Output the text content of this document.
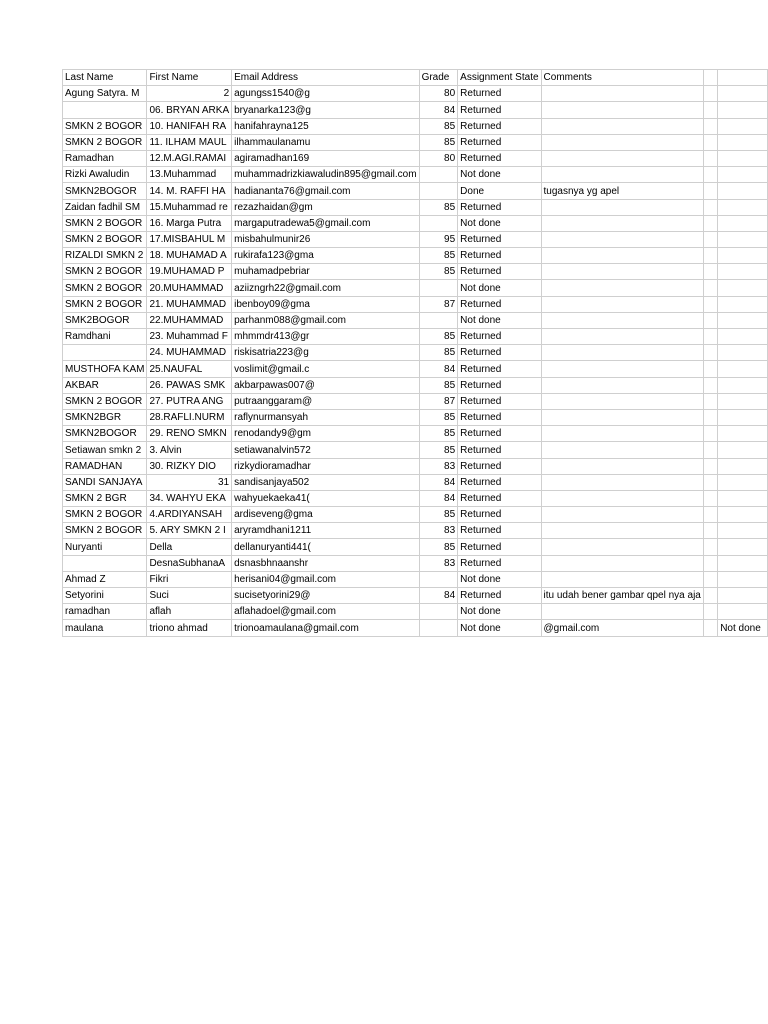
Last Name	First Name	Email Address	Grade	Assignment State	Comments		
Agung Satyra. M	2	agungss1540@g	80	Returned			
	06. BRYAN ARKA	bryanarka123@g	84	Returned			
SMKN 2 BOGOR	10. HANIFAH RA	hanifahrayna125	85	Returned			
SMKN 2 BOGOR	11. ILHAM MAUL	ilhammaulanamu	85	Returned			
Ramadhan	12.M.AGI.RAMAI	agiramadhan169	80	Returned			
Rizki Awaludin	13.Muhammad	muhammadrizkiawaludin895@gmail.com		Not done			
SMKN2BOGOR	14. M. RAFFI HA	hadiananta76@gmail.com		Done	tugasnya yg apel		
Zaidan fadhil SM	15.Muhammad re	rezazhaidan@gm	85	Returned			
SMKN 2 BOGOR	16. Marga Putra	margaputradewa5@gmail.com		Not done			
SMKN 2 BOGOR	17.MISBAHUL M	misbahulmunir26	95	Returned			
RIZALDI SMKN 2	18. MUHAMAD A	rukirafa123@gma	85	Returned			
SMKN 2 BOGOR	19.MUHAMAD P	muhamadpebriar	85	Returned			
SMKN 2 BOGOR	20.MUHAMMAD	aziizngrh22@gmail.com		Not done			
SMKN 2 BOGOR	21. MUHAMMAD	ibenboy09@gma	87	Returned			
SMK2BOGOR	22.MUHAMMAD	parhanm088@gmail.com		Not done			
Ramdhani	23. Muhammad F	mhmmdr413@gr	85	Returned			
	24. MUHAMMAD	riskisatria223@g	85	Returned			
MUSTHOFA KAM	25.NAUFAL	voslimit@gmail.c	84	Returned			
AKBAR	26. PAWAS SMK	akbarpawas007@	85	Returned			
SMKN 2 BOGOR	27. PUTRA ANG	putraanggaram@	87	Returned			
SMKN2BGR	28.RAFLI.NURM	raflynurmansyah	85	Returned			
SMKN2BOGOR	29. RENO SMKN	renodandy9@gm	85	Returned			
Setiawan smkn 2	3. Alvin	setiawanalvin572	85	Returned			
RAMADHAN	30. RIZKY DIO	rizkydioramadhar	83	Returned			
SANDI SANJAYA	31	sandisanjaya502	84	Returned			
SMKN 2 BGR	34. WAHYU EKA	wahyuekaeka41(	84	Returned			
SMKN 2 BOGOR	4.ARDIYANSAH	ardiseveng@gma	85	Returned			
SMKN 2 BOGOR	5. ARY SMKN 2 I	aryramdhani1211	83	Returned			
Nuryanti	Della	dellanuryanti441(	85	Returned			
	DesnaSubhanaA	dsnasbhnaanshr	83	Returned			
Ahmad Z	Fikri	herisani04@gmail.com		Not done			
Setyorini	Suci	sucisetyorini29@	84	Returned	itu udah bener gambar qpel nya aja		
ramadhan	aflah	aflahadoel@gmail.com		Not done			
maulana	triono ahmad	trionoamaulana@gmail.com		Not done	@gmail.com		Not done
